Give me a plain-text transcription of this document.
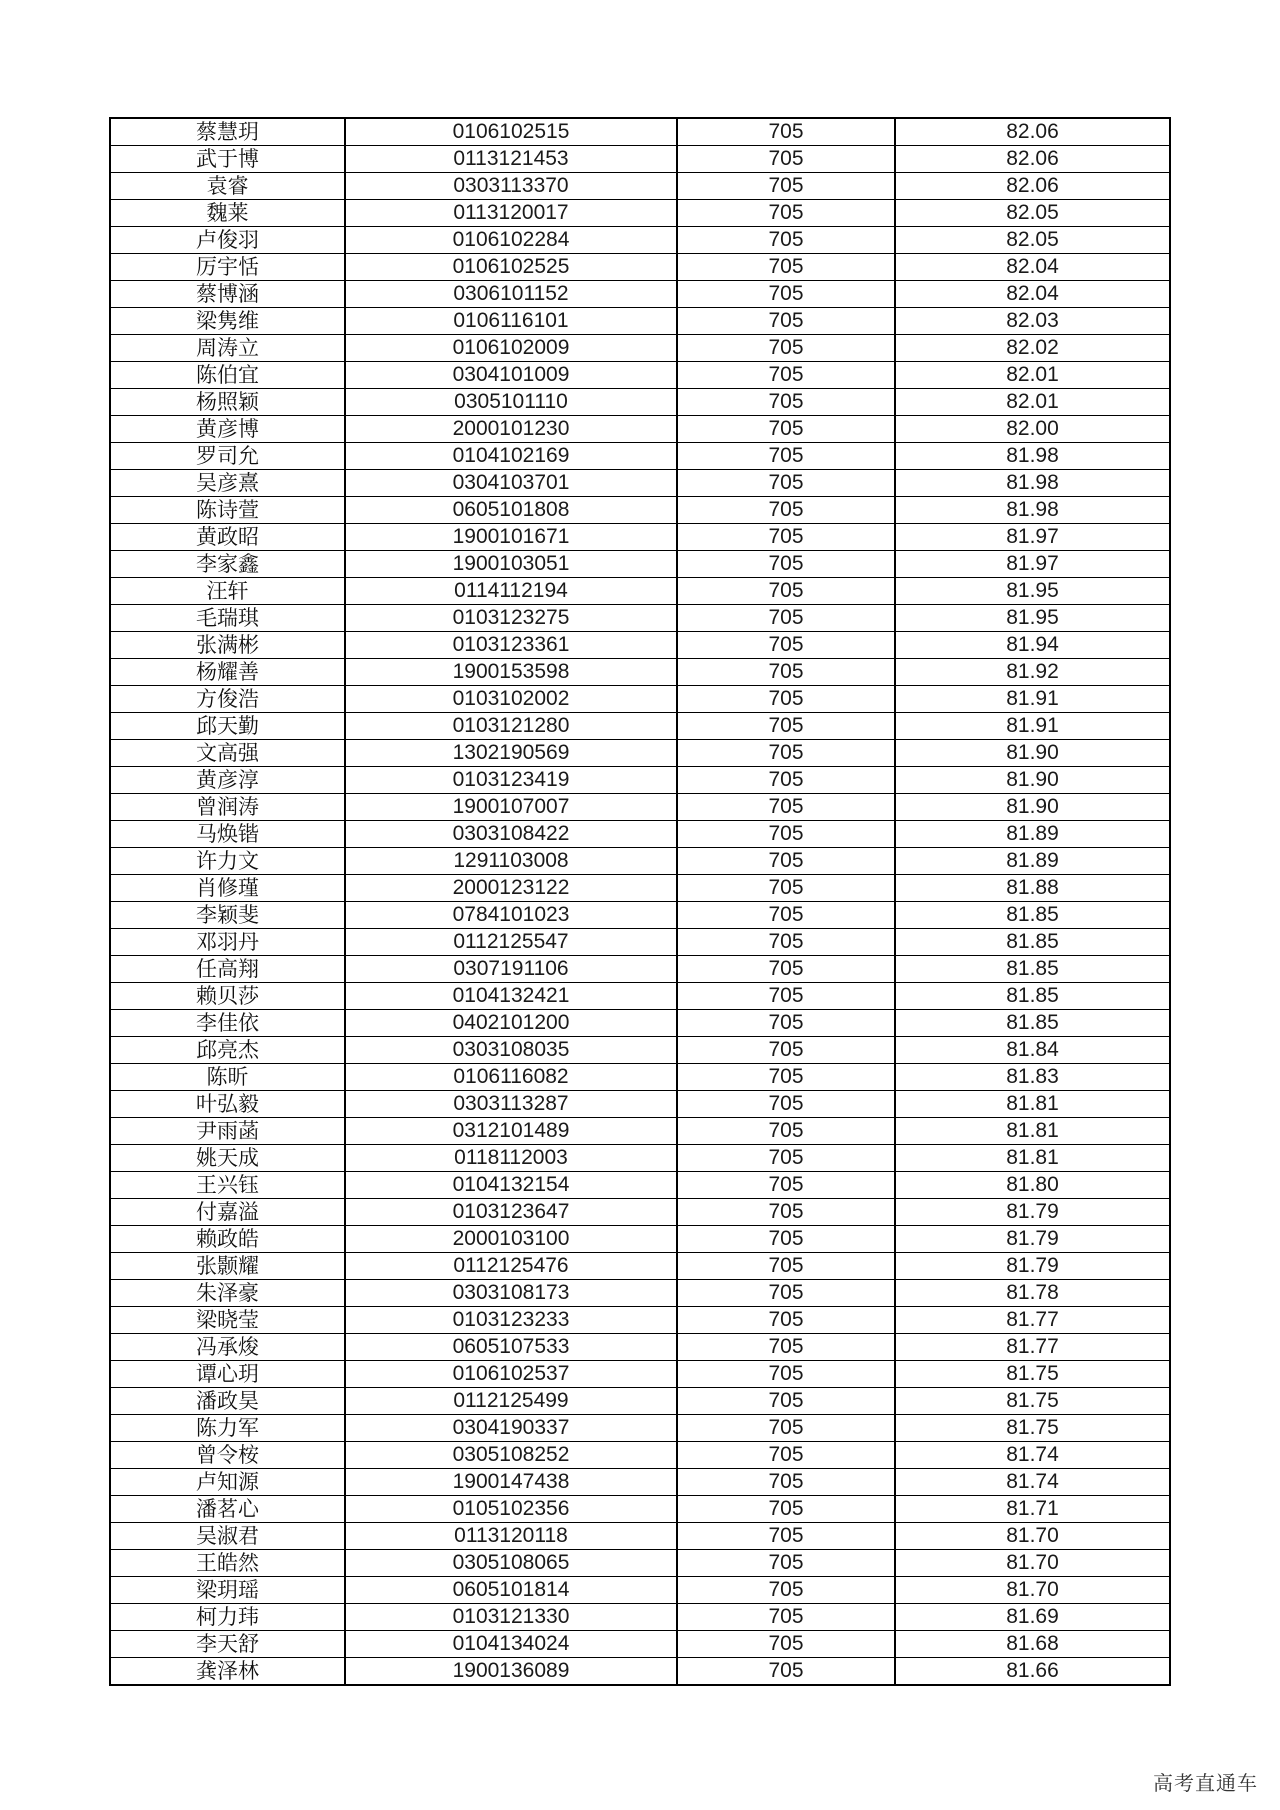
蔡慧玥	0106102515	705	82.06
武于博	0113121453	705	82.06
袁睿	0303113370	705	82.06
魏莱	0113120017	705	82.05
卢俊羽	0106102284	705	82.05
厉宇恬	0106102525	705	82.04
蔡博涵	0306101152	705	82.04
梁隽维	0106116101	705	82.03
周涛立	0106102009	705	82.02
陈伯宜	0304101009	705	82.01
杨照颖	0305101110	705	82.01
黄彦博	2000101230	705	82.00
罗司允	0104102169	705	81.98
吴彦熹	0304103701	705	81.98
陈诗萱	0605101808	705	81.98
黄政昭	1900101671	705	81.97
李家鑫	1900103051	705	81.97
汪轩	0114112194	705	81.95
毛瑞琪	0103123275	705	81.95
张满彬	0103123361	705	81.94
杨耀善	1900153598	705	81.92
方俊浩	0103102002	705	81.91
邱天勤	0103121280	705	81.91
文高强	1302190569	705	81.90
黄彦淳	0103123419	705	81.90
曾润涛	1900107007	705	81.90
马焕锴	0303108422	705	81.89
许力文	1291103008	705	81.89
肖修瑾	2000123122	705	81.88
李颖斐	0784101023	705	81.85
邓羽丹	0112125547	705	81.85
任高翔	0307191106	705	81.85
赖贝莎	0104132421	705	81.85
李佳依	0402101200	705	81.85
邱亮杰	0303108035	705	81.84
陈昕	0106116082	705	81.83
叶弘毅	0303113287	705	81.81
尹雨菡	0312101489	705	81.81
姚天成	0118112003	705	81.81
王兴钰	0104132154	705	81.80
付嘉溢	0103123647	705	81.79
赖政皓	2000103100	705	81.79
张颢耀	0112125476	705	81.79
朱泽豪	0303108173	705	81.78
梁晓莹	0103123233	705	81.77
冯承焌	0605107533	705	81.77
谭心玥	0106102537	705	81.75
潘政昊	0112125499	705	81.75
陈力军	0304190337	705	81.75
曾令桉	0305108252	705	81.74
卢知源	1900147438	705	81.74
潘茗心	0105102356	705	81.71
吴淑君	0113120118	705	81.70
王皓然	0305108065	705	81.70
梁玥瑶	0605101814	705	81.70
柯力玮	0103121330	705	81.69
李天舒	0104134024	705	81.68
龚泽林	1900136089	705	81.66
高考直通车
